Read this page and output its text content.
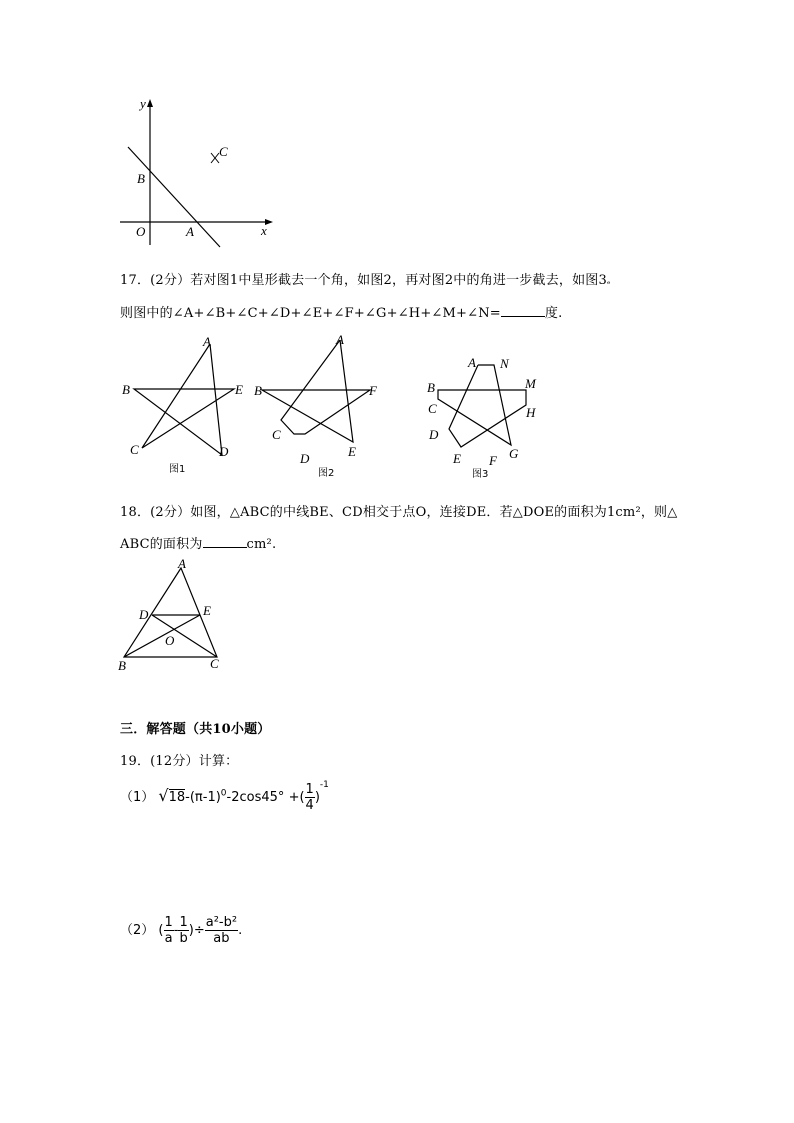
y
x
O	A
B
C
17．(2分）若对图1中星形截去一个角，如图2，再对图2中的角进一步截去，如图3ₑ
则图中的∠A+∠B+∠C+∠D+∠E+∠F+∠G+∠H+∠M+∠N=	度.
A
B	E
C	D
图1
A
B	F
C
E
D
图2
A N
B	M
C	H
D
G
E F
图3
18．(2分）如图，△ABC的中线BE、CD相交于点O，连接DE．若△DOE的面积为1cm²，则△
ABC的面积为	cm².
A
D	E
O
B	C
三．解答题（共10小题）
19．(12分）计算：
（1） $√18-(\pi-1)^0-2\cos 45^\circ$ +( $\frac{1}{4} )^{-1}$
（2） ( $\frac{1}{a} - \frac{1}{b}$ )÷ $\frac{\text{a²-b²}}{ab}$ .
